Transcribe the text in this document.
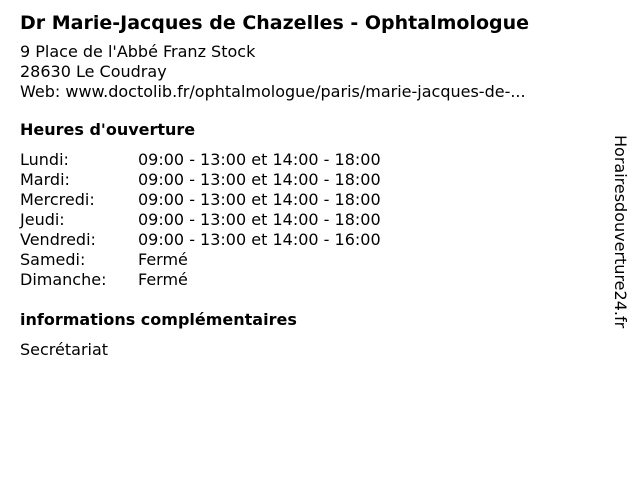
Dr Marie-Jacques de Chazelles - Ophtalmologue
9 Place de l'Abbé Franz Stock
28630 Le Coudray
Web: www.doctolib.fr/ophtalmologue/paris/marie-jacques-de-...
Heures d'ouverture
Lundi:	09:00 - 13:00 et 14:00 - 18:00
Mardi:	09:00 - 13:00 et 14:00 - 18:00
Mercredi:	09:00 - 13:00 et 14:00 - 18:00
Jeudi:	09:00 - 13:00 et 14:00 - 18:00
Vendredi:	09:00 - 13:00 et 14:00 - 16:00
Samedi:	Fermé
Dimanche:	Fermé
informations complémentaires
Secrétariat
Horairesdouverture24.fr
